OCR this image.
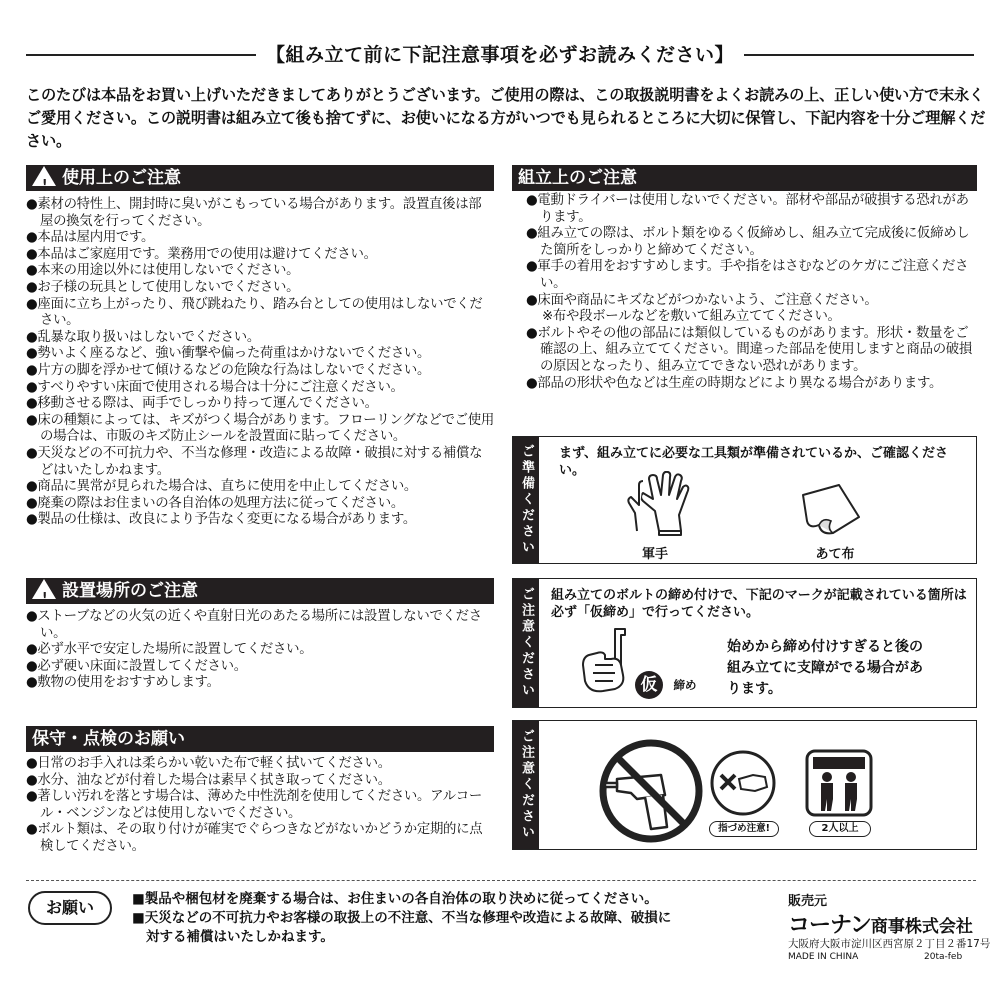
【組み立て前に下記注意事項を必ずお読みください】
このたびは本品をお買い上げいただきましてありがとうございます。ご使用の際は、この取扱説明書をよくお読みの上、正しい使い方で末永くご愛用ください。この説明書は組み立て後も捨てずに、お使いになる方がいつでも見られるところに大切に保管し、下記内容を十分ご理解ください。
! 使用上のご注意
●素材の特性上、開封時に臭いがこもっている場合があります。設置直後は部屋の換気を行ってください。
●本品は屋内用です。
●本品はご家庭用です。業務用での使用は避けてください。
●本来の用途以外には使用しないでください。
●お子様の玩具として使用しないでください。
●座面に立ち上がったり、飛び跳ねたり、踏み台としての使用はしないでください。
●乱暴な取り扱いはしないでください。
●勢いよく座るなど、強い衝撃や偏った荷重はかけないでください。
●片方の脚を浮かせて傾けるなどの危険な行為はしないでください。
●すべりやすい床面で使用される場合は十分にご注意ください。
●移動させる際は、両手でしっかり持って運んでください。
●床の種類によっては、キズがつく場合があります。フローリングなどでご使用の場合は、市販のキズ防止シールを設置面に貼ってください。
●天災などの不可抗力や、不当な修理・改造による故障・破損に対する補償などはいたしかねます。
●商品に異常が見られた場合は、直ちに使用を中止してください。
●廃棄の際はお住まいの各自治体の処理方法に従ってください。
●製品の仕様は、改良により予告なく変更になる場合があります。
! 設置場所のご注意
●ストーブなどの火気の近くや直射日光のあたる場所には設置しないでください。
●必ず水平で安定した場所に設置してください。
●必ず硬い床面に設置してください。
●敷物の使用をおすすめします。
保守・点検のお願い
●日常のお手入れは柔らかい乾いた布で軽く拭いてください。
●水分、油などが付着した場合は素早く拭き取ってください。
●著しい汚れを落とす場合は、薄めた中性洗剤を使用してください。アルコール・ベンジンなどは使用しないでください。
●ボルト類は、その取り付けが確実でぐらつきなどがないかどうか定期的に点検してください。
組立上のご注意
●電動ドライバーは使用しないでください。部材や部品が破損する恐れがあります。
●組み立ての際は、ボルト類をゆるく仮締めし、組み立て完成後に仮締めした箇所をしっかりと締めてください。
●軍手の着用をおすすめします。手や指をはさむなどのケガにご注意ください。
●床面や商品にキズなどがつかないよう、ご注意ください。
※布や段ボールなどを敷いて組み立ててください。
●ボルトやその他の部品には類似しているものがあります。形状・数量をご確認の上、組み立ててください。間違った部品を使用しますと商品の破損の原因となったり、組み立てできない恐れがあります。
●部品の形状や色などは生産の時期などにより異なる場合があります。
ご準備ください	まず、組み立てに必要な工具類が準備されているか、ご確認ください。
軍手	あて布
ご注意ください	組み立てのボルトの締め付けで、下記のマークが記載されている箇所は必ず「仮締め」で行ってください。
仮	締め
始めから締め付けすぎると後の組み立てに支障がでる場合があります。
ご注意ください	指づめ注意!	2人以上
お願い	■製品や梱包材を廃棄する場合は、お住まいの各自治体の取り決めに従ってください。
■天災などの不可抗力やお客様の取扱上の不注意、不当な修理や改造による故障、破損に対する補償はいたしかねます。
販売元
コーナン商事株式会社
大阪府大阪市淀川区西宮原２丁目２番17号
MADE IN CHINA	20ta-feb
